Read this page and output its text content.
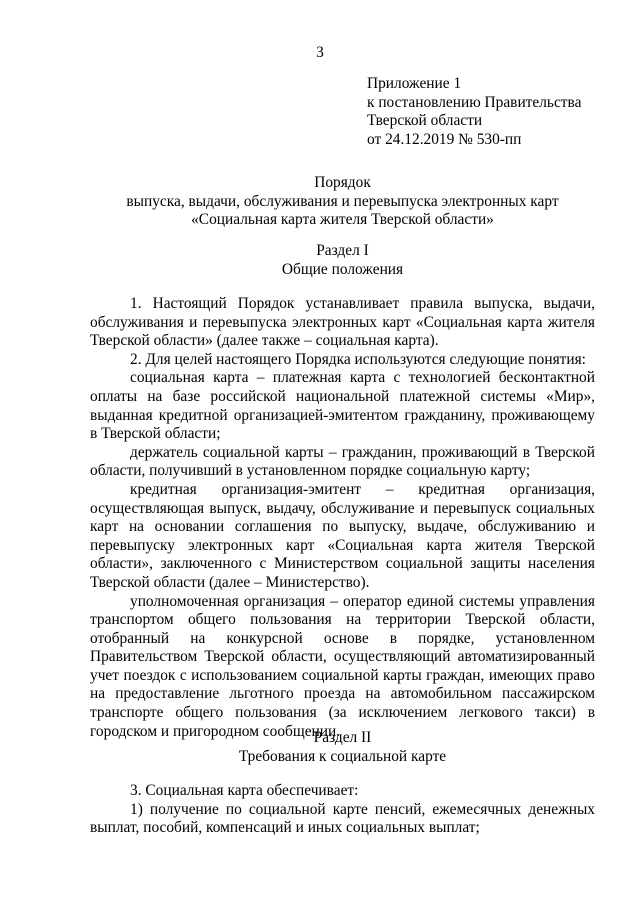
3
Приложение 1
к постановлению Правительства
Тверской области
от 24.12.2019 № 530-пп
Порядок
выпуска, выдачи, обслуживания и перевыпуска электронных карт
«Социальная карта жителя Тверской области»
Раздел I
Общие положения

1. Настоящий Порядок устанавливает правила выпуска, выдачи, обслуживания и перевыпуска электронных карт «Социальная карта жителя Тверской области» (далее также – социальная карта).

2. Для целей настоящего Порядка используются следующие понятия:

социальная карта – платежная карта с технологией бесконтактной оплаты на базе российской национальной платежной системы «Мир», выданная кредитной организацией-эмитентом гражданину, проживающему в Тверской области;

держатель социальной карты – гражданин, проживающий в Тверской области, получивший в установленном порядке социальную карту;

кредитная организация-эмитент – кредитная организация, осуществляющая выпуск, выдачу, обслуживание и перевыпуск социальных карт на основании соглашения по выпуску, выдаче, обслуживанию и перевыпуску электронных карт «Социальная карта жителя Тверской области», заключенного с Министерством социальной защиты населения Тверской области (далее – Министерство).

уполномоченная организация – оператор единой системы управления транспортом общего пользования на территории Тверской области, отобранный на конкурсной основе в порядке, установленном Правительством Тверской области, осуществляющий автоматизированный учет поездок с использованием социальной карты граждан, имеющих право на предоставление льготного проезда на автомобильном пассажирском транспорте общего пользования (за исключением легкового такси) в городском и пригородном сообщении.

Раздел II
Требования к социальной карте

3. Социальная карта обеспечивает:

1) получение по социальной карте пенсий, ежемесячных денежных выплат, пособий, компенсаций и иных социальных выплат;
